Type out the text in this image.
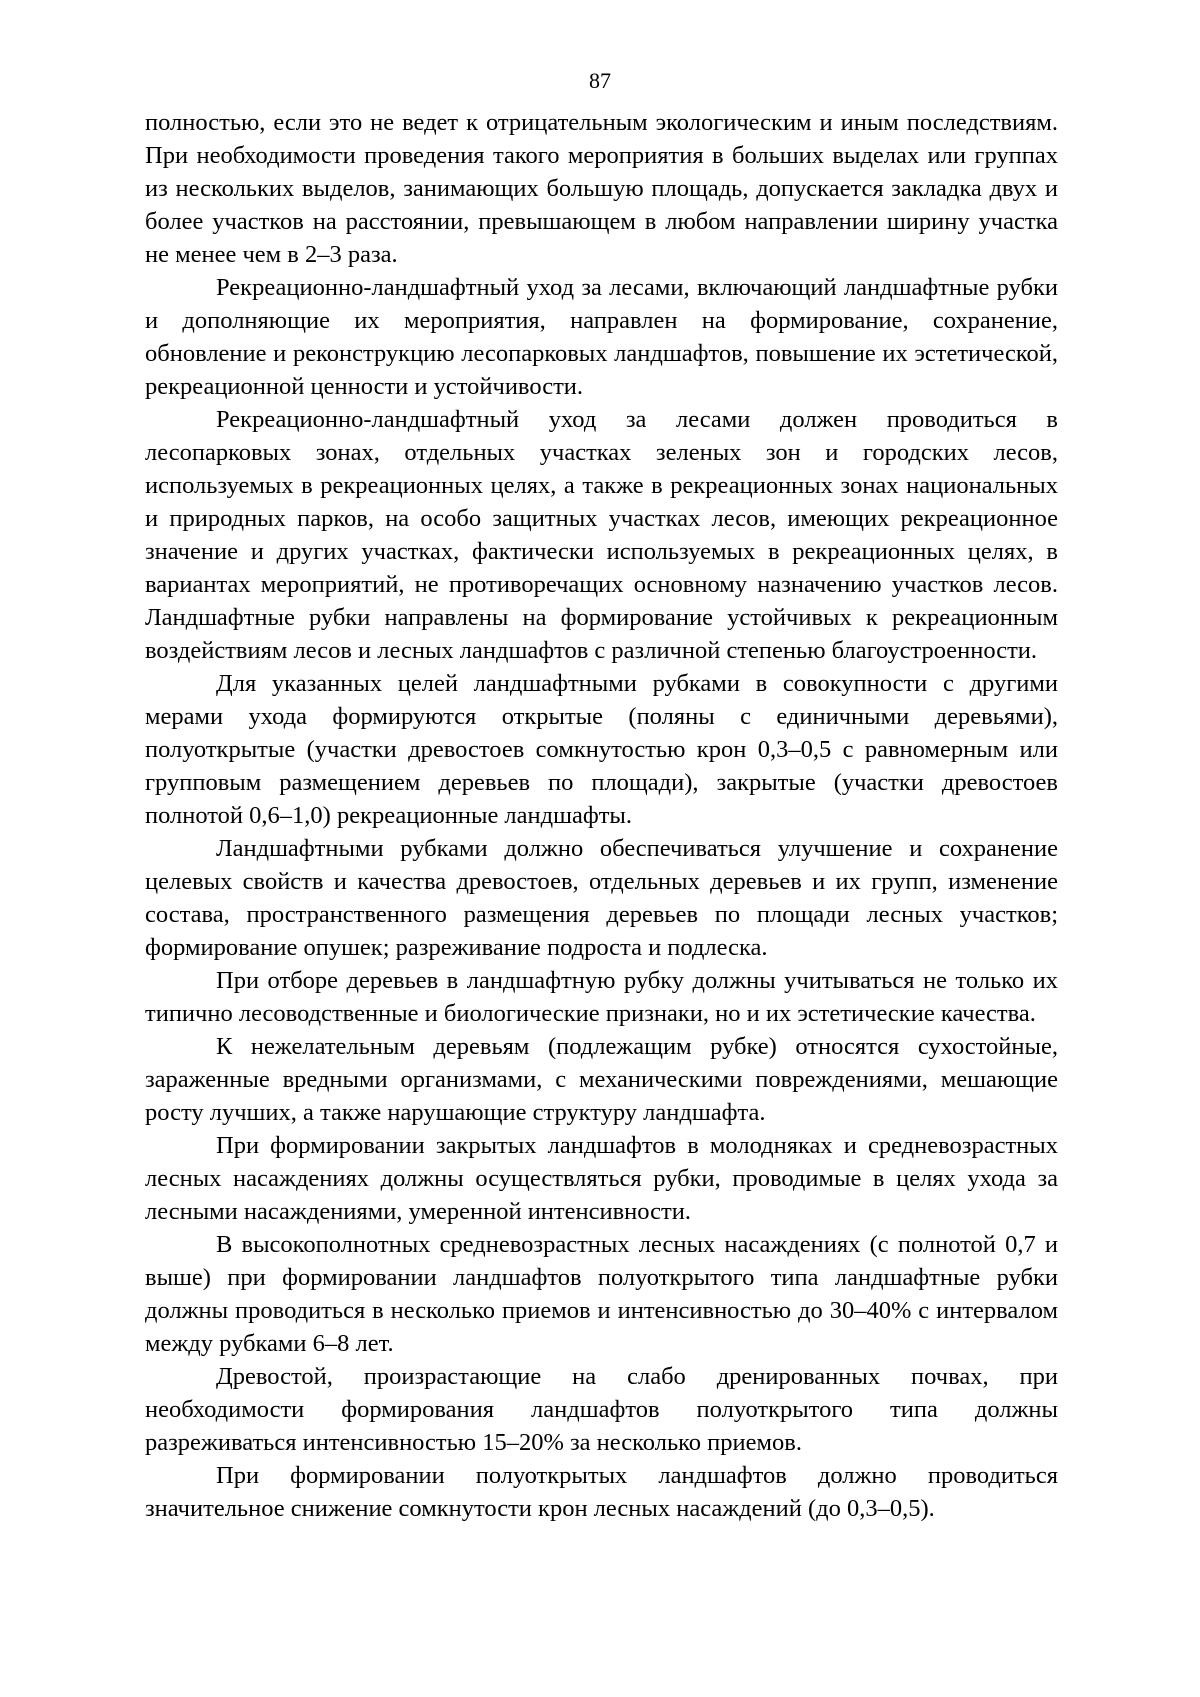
87

полностью, если это не ведет к отрицательным экологическим и иным последствиям. При необходимости проведения такого мероприятия в больших выделах или группах из нескольких выделов, занимающих большую площадь, допускается закладка двух и более участков на расстоянии, превышающем в любом направлении ширину участка не менее чем в 2–3 раза.

Рекреационно-ландшафтный уход за лесами, включающий ландшафтные рубки и дополняющие их мероприятия, направлен на формирование, сохранение, обновление и реконструкцию лесопарковых ландшафтов, повышение их эстетической, рекреационной ценности и устойчивости.

Рекреационно-ландшафтный уход за лесами должен проводиться в лесопарковых зонах, отдельных участках зеленых зон и городских лесов, используемых в рекреационных целях, а также в рекреационных зонах национальных и природных парков, на особо защитных участках лесов, имеющих рекреационное значение и других участках, фактически используемых в рекреационных целях, в вариантах мероприятий, не противоречащих основному назначению участков лесов. Ландшафтные рубки направлены на формирование устойчивых к рекреационным воздействиям лесов и лесных ландшафтов с различной степенью благоустроенности.

Для указанных целей ландшафтными рубками в совокупности с другими мерами ухода формируются открытые (поляны с единичными деревьями), полуоткрытые (участки древостоев сомкнутостью крон 0,3–0,5 с равномерным или групповым размещением деревьев по площади), закрытые (участки древостоев полнотой 0,6–1,0) рекреационные ландшафты.

Ландшафтными рубками должно обеспечиваться улучшение и сохранение целевых свойств и качества древостоев, отдельных деревьев и их групп, изменение состава, пространственного размещения деревьев по площади лесных участков; формирование опушек; разреживание подроста и подлеска.

При отборе деревьев в ландшафтную рубку должны учитываться не только их типично лесоводственные и биологические признаки, но и их эстетические качества.

К нежелательным деревьям (подлежащим рубке) относятся сухостойные, зараженные вредными организмами, с механическими повреждениями, мешающие росту лучших, а также нарушающие структуру ландшафта.

При формировании закрытых ландшафтов в молодняках и средневозрастных лесных насаждениях должны осуществляться рубки, проводимые в целях ухода за лесными насаждениями, умеренной интенсивности.

В высокополнотных средневозрастных лесных насаждениях (с полнотой 0,7 и выше) при формировании ландшафтов полуоткрытого типа ландшафтные рубки должны проводиться в несколько приемов и интенсивностью до 30–40% с интервалом между рубками 6–8 лет.

Древостой, произрастающие на слабо дренированных почвах, при необходимости формирования ландшафтов полуоткрытого типа должны разреживаться интенсивностью 15–20% за несколько приемов.

При формировании полуоткрытых ландшафтов должно проводиться значительное снижение сомкнутости крон лесных насаждений (до 0,3–0,5).
